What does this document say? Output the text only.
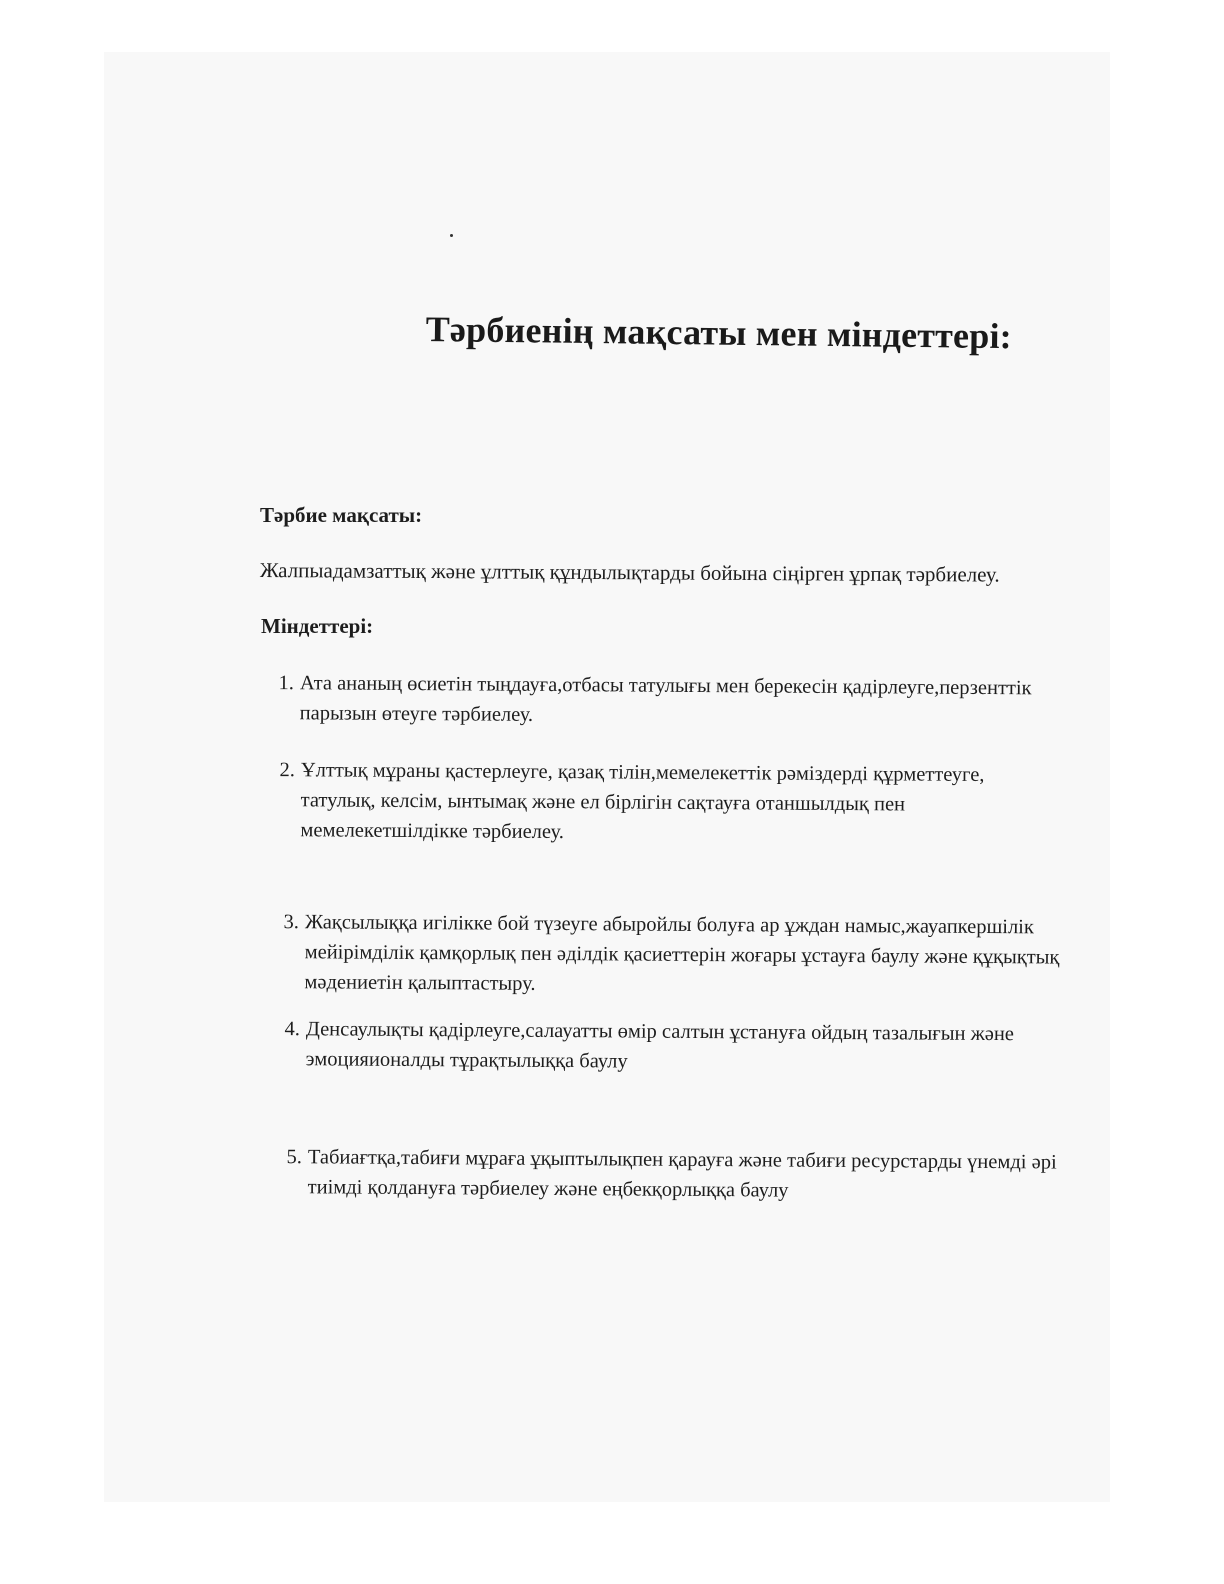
Тәрбиенің мақсаты мен міндеттері:
Тәрбие мақсаты:
Жалпыадамзаттық және ұлттық құндылықтарды бойына сіңірген ұрпақ тәрбиелеу.
Міндеттері:
1. Ата ананың өсиетін тыңдауға,отбасы татулығы мен берекесін қадірлеуге,перзенттік
парызын өтеуге тәрбиелеу.
2. Ұлттық мұраны қастерлеуге, қазақ тілін,мемелекеттік рәміздерді құрметтеуге,
татулық, келсім, ынтымақ және ел бірлігін сақтауға отаншылдық пен
мемелекетшілдікке тәрбиелеу.
3. Жақсылыққа игілікке бой түзеуге абыройлы болуға ар ұждан намыс,жауапкершілік
мейірімділік қамқорлық пен әділдік қасиеттерін жоғары ұстауға баулу және құқықтық
мәдениетін қалыптастыру.
4. Денсаулықты қадірлеуге,салауатты өмір салтын ұстануға ойдың тазалығын және
эмоцияионалды тұрақтылыққа баулу
5. Табиағтқа,табиғи мұраға ұқыптылықпен қарауға және табиғи ресурстарды үнемді әрі
тиімді қолдануға тәрбиелеу және еңбекқорлыққа баулу
